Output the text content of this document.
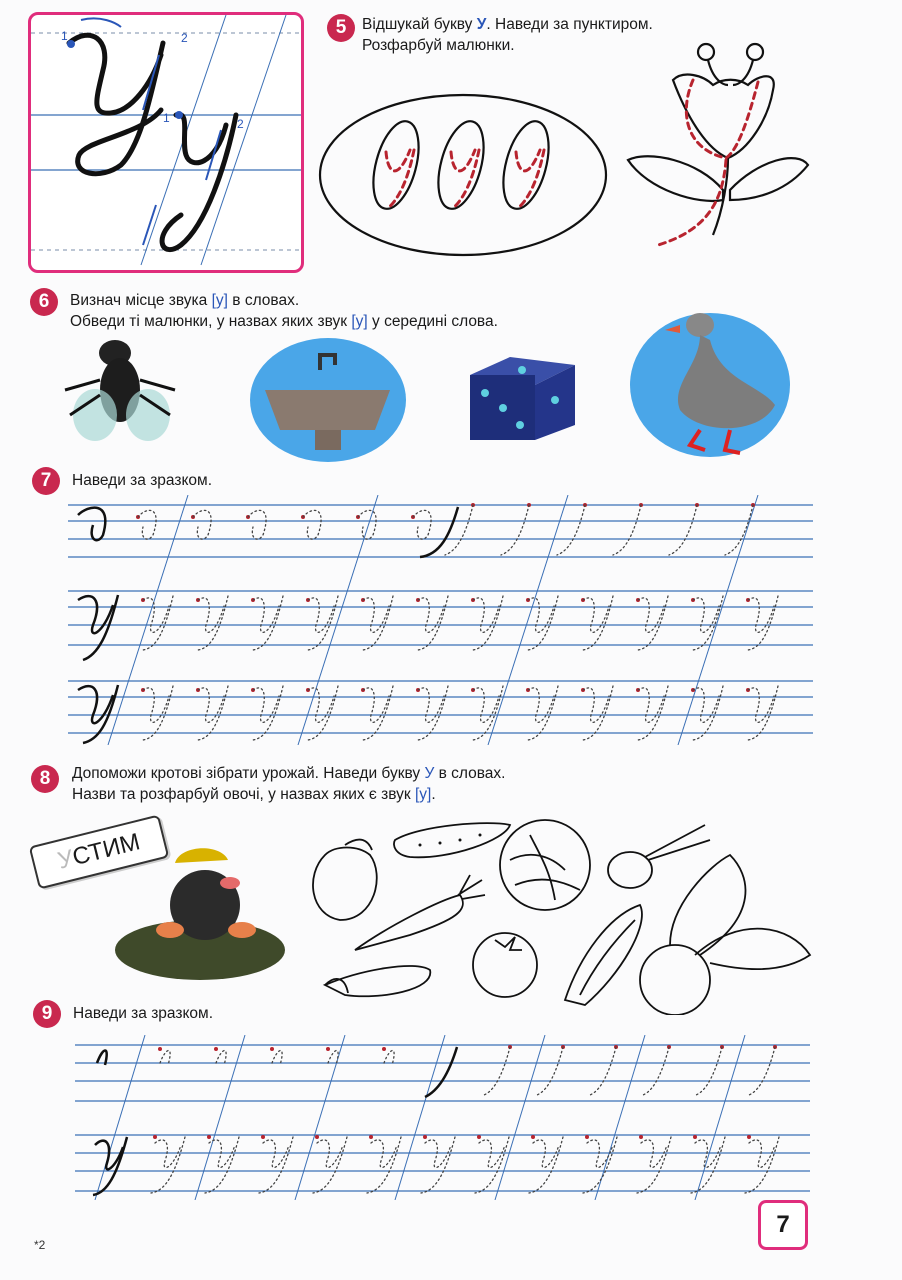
1	2
1	2
5	Відшукай букву У. Наведи за пунктиром.
Розфарбуй малюнки.
6	Визнач місце звука [у] в словах.
Обведи ті малюнки, у назвах яких звук [у] у середині слова.
7	Наведи за зразком.
8	Допоможи кротові зібрати урожай. Наведи букву У в словах.
Назви та розфарбуй овочі, у назвах яких є звук [у].
УСТИМ
9	Наведи за зразком.
7
*2
